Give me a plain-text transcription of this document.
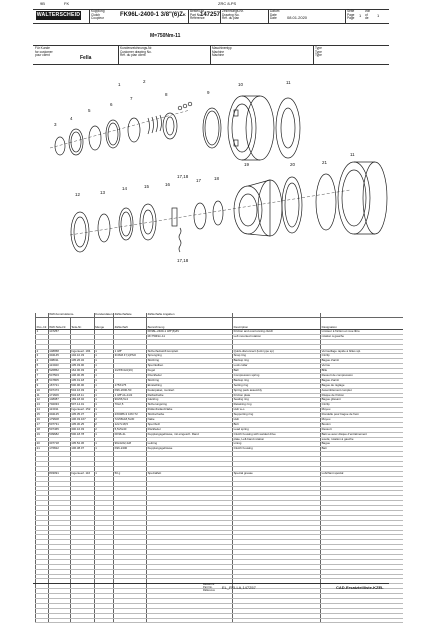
9B	FK	ZRC 8-PS
WALTERSCHEID
Kupplung
Clutch
Coupleur
FK96L-2400-1 3/8"(6)ZK
Bestell-Nr.
Part No.
Référence
147257
Zeichnungs-Nr.
Drawing No.
Réf. du plan
Datum
Date
Date	08.01.2020
Seite
Page
Page
1
von
of
de
1
M=750Nm-11
Für Kunde
for customer
pour client	Fella
Kundenzeichnungs-Nr.
Customer drawing No.
Réf. du plan client
Maschinentyp
Machine
Machine
Type
Type
Type
1
2
3
4
5
6
7
8	9
10	11
12	13
14	15	16
17	18
19	20	21
11
17,18
17,18
	WW-Konstruktions-		Kundendaten	Zählerhaftete	Zählerhafte Angaben		
Pos.-Nr.	WW-Teile-Nr.	Teile-Nr.	Menge	Zählerhaft	Bezeichnung	Description	Désignation
1	147257				FK96L-2400-1 3/8"(6)ZV	Friction and overrunning clutch	Limiteur à friction et roue libre
					M=750Nm-11	Left mounted rotation	rotation à gauche

2	148958	Ingenieerl. 184	1	1 3/8"	Sicherheitsstift komplett	Quick-disconnect (lock type sp)	Verrouillage rapide à billes spl.
3	304145	102.10.33	1	3/4SM 4"(1)PSO	Sprengring	Snap ring	Circlip
4	308011	105.26.32	1		Stützring	Backup ring	Bague d'arrêt
5	113023	105.03.00	1		Sperrkolben	Lock collar	Verrou
6	526852	164.00.03	3	1/2X5/4x3(16)	Kugel	Ball	Bille
7	547503	106.00.05	1		Druckfeder	Compression spring	Ressort de compression
8	547805	105.01.18	1		Stützring	Backup ring	Bague d'arrêt
9	167721	500.96.00	1	175X175	Einstellring	Setting ring	Bague de réglage
10	507473	504.16.03	1	K96-2600-50	Federpaket, montiert	Spring pack assembly	Assemblement complet
11	171606	504.18.11	1	1 3/8"x2+11/2	Reibscheibe	Friction plate	Disque de friction
12	148087	189.18.02	1	90x56,5x4	Gleitring	Sealing ring	Bague glissant
13	702033	507.14.01	1	70x2,5	Sicherungsring	Retaining ring	Circlip
14	113011	Ingenieerl. 152	1		Rollenfreilauf-Nabe	Hub w-o	Moyeu
15	304125	105.35.37	1	2X0086-3 106=72	Stützscheibe	Supporting ring	Rondelle pour bague de frein
16	179608	106.03.167	2	72x58x18,5x30	Nabe	Hub	Moyeu
17	507731	105.30.25	2	12x7x18,5	Sperrbolz	Bolt	Boulon
18	507465	300.16.03	2	5,5x5x40	Rückfeder	Lead spring	Ressort
19	509682	500.18.78	1	FK96-4L	Kupplungsgehäuse, mit eingesch. Rand	Clutch housing with welded drive	Bati-ve avec disque d'entraînement
						plate, Left-hand rotation	soudé, rotation à gauche
20	307718	105.52.36	1	96x4x62,4x8	Leitring	Lining	Bague
21	176822	106.38.07	1	K96-2400	Kupplungsgehäuse	Clutch housing	Bati

	803091	Ingenieerl. 116	1	50 g	Spezialfett	Special grease	Lubrifiant spécial

Bestell-Nr.
Part No.
Référence
EL_FELLA,147257	CAD-Ersatzteilliste-KZEL
